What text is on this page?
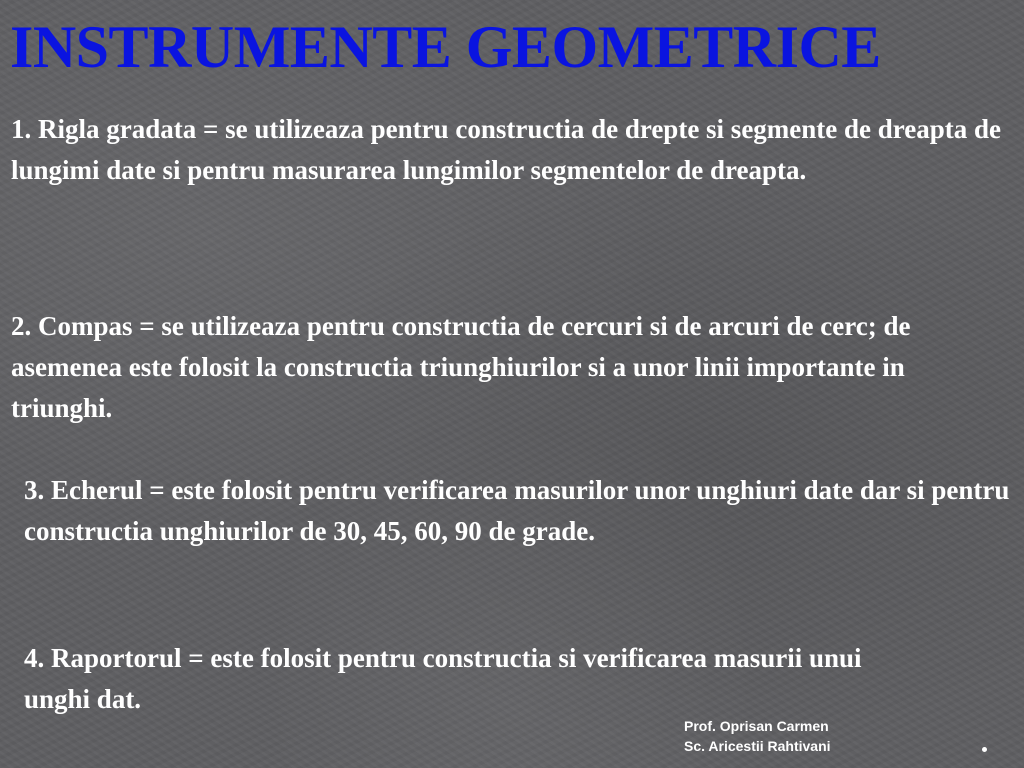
INSTRUMENTE GEOMETRICE

1. Rigla gradata = se utilizeaza pentru constructia de drepte si segmente de dreapta de lungimi date si pentru masurarea lungimilor segmentelor de dreapta.

2. Compas = se utilizeaza pentru constructia de cercuri si de arcuri de cerc; de asemenea este folosit la constructia triunghiurilor si a unor linii importante in triunghi.

3. Echerul = este folosit pentru verificarea masurilor unor unghiuri date dar si pentru constructia unghiurilor de 30, 45, 60, 90 de grade.

4. Raportorul = este folosit pentru constructia si verificarea masurii unui unghi dat.

Prof. Oprisan Carmen
Sc. Aricestii Rahtivani
